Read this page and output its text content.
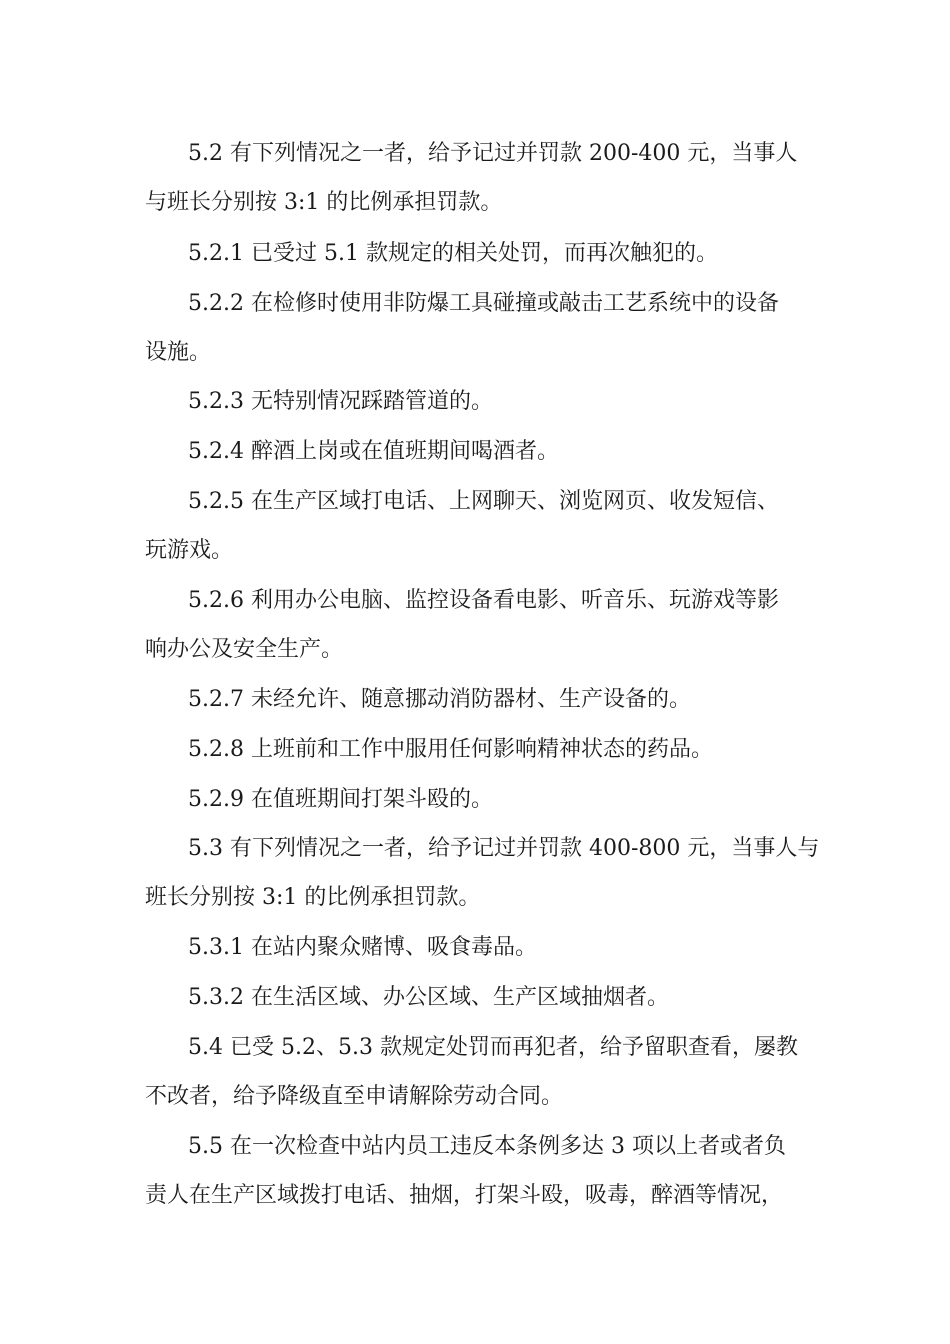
5.2 有下列情况之一者，给予记过并罚款 200-400 元，当事人
与班长分别按 3:1 的比例承担罚款。
5.2.1 已受过 5.1 款规定的相关处罚，而再次触犯的。
5.2.2 在检修时使用非防爆工具碰撞或敲击工艺系统中的设备
设施。
5.2.3 无特别情况踩踏管道的。
5.2.4 醉酒上岗或在值班期间喝酒者。
5.2.5 在生产区域打电话、上网聊天、浏览网页、收发短信、
玩游戏。
5.2.6 利用办公电脑、监控设备看电影、听音乐、玩游戏等影
响办公及安全生产。
5.2.7 未经允许、随意挪动消防器材、生产设备的。
5.2.8 上班前和工作中服用任何影响精神状态的药品。
5.2.9 在值班期间打架斗殴的。
5.3 有下列情况之一者，给予记过并罚款 400-800 元，当事人与
班长分别按 3:1 的比例承担罚款。
5.3.1 在站内聚众赌博、吸食毒品。
5.3.2 在生活区域、办公区域、生产区域抽烟者。
5.4 已受 5.2、5.3 款规定处罚而再犯者，给予留职查看，屡教
不改者，给予降级直至申请解除劳动合同。
5.5 在一次检查中站内员工违反本条例多达 3 项以上者或者负
责人在生产区域拨打电话、抽烟，打架斗殴，吸毒，醉酒等情况，
